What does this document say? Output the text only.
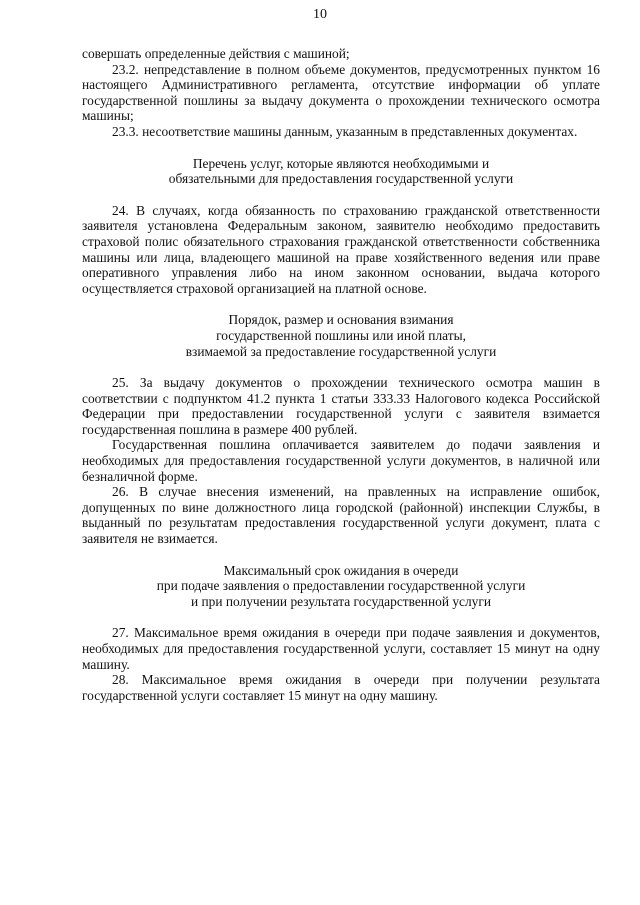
10

совершать определенные действия с машиной;

23.2. непредставление в полном объеме документов, предусмотренных пунктом 16 настоящего Административного регламента, отсутствие информации об уплате государственной пошлины за выдачу документа о прохождении технического осмотра машины;

23.3. несоответствие машины данным, указанным в представленных документах.

Перечень услуг, которые являются необходимыми и
обязательными для предоставления государственной услуги

24. В случаях, когда обязанность по страхованию гражданской ответственности заявителя установлена Федеральным законом, заявителю необходимо предоставить страховой полис обязательного страхования гражданской ответственности собственника машины или лица, владеющего машиной на праве хозяйственного ведения или праве оперативного управления либо на ином законном основании, выдача которого осуществляется страховой организацией на платной основе.

Порядок, размер и основания взимания
государственной пошлины или иной платы,
взимаемой за предоставление государственной услуги

25. За выдачу документов о прохождении технического осмотра машин в соответствии с подпунктом 41.2 пункта 1 статьи 333.33 Налогового кодекса Российской Федерации при предоставлении государственной услуги с заявителя взимается государственная пошлина в размере 400 рублей.

Государственная пошлина оплачивается заявителем до подачи заявления и необходимых для предоставления государственной услуги документов, в наличной или безналичной форме.

26. В случае внесения изменений, на правленных на исправление ошибок, допущенных по вине должностного лица городской (районной) инспекции Службы, в выданный по результатам предоставления государственной услуги документ, плата с заявителя не взимается.

Максимальный срок ожидания в очереди
при подаче заявления о предоставлении государственной услуги
и при получении результата государственной услуги

27. Максимальное время ожидания в очереди при подаче заявления и документов, необходимых для предоставления государственной услуги, составляет 15 минут на одну машину.

28. Максимальное время ожидания в очереди при получении результата государственной услуги составляет 15 минут на одну машину.
